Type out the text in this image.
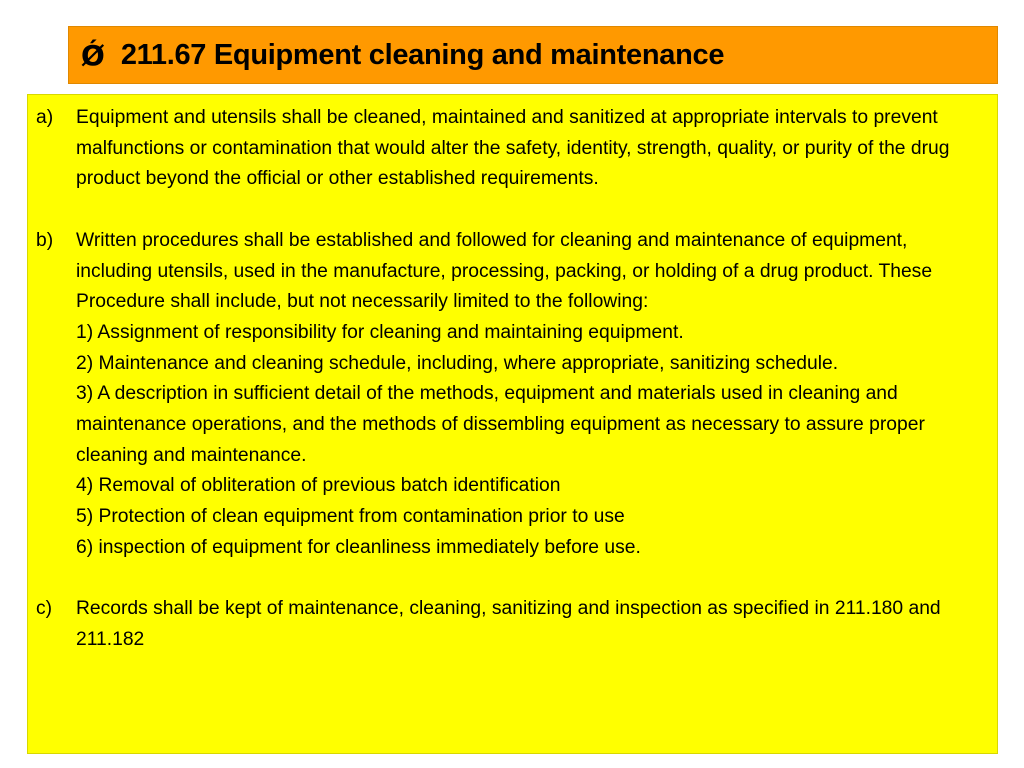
Ǿ 211.67 Equipment cleaning and maintenance
a)	Equipment and utensils shall be cleaned, maintained and sanitized at appropriate intervals to prevent malfunctions or contamination that would alter the safety, identity, strength, quality, or purity of the drug product beyond the official or other established requirements.
b)	Written procedures shall be established and followed for cleaning and maintenance of equipment, including utensils, used in the manufacture, processing, packing, or holding of a drug product. These Procedure shall include, but not necessarily limited to the following:
1) Assignment of responsibility for cleaning and maintaining equipment.
2) Maintenance and cleaning schedule, including, where appropriate, sanitizing schedule.
3) A description in sufficient detail of the methods, equipment and materials used in cleaning and maintenance operations, and the methods of dissembling equipment as necessary to assure proper cleaning and maintenance.
4) Removal of obliteration of previous batch identification
5) Protection of clean equipment from contamination prior to use
6) inspection of equipment for cleanliness immediately before use.
c)	Records shall be kept of maintenance, cleaning, sanitizing and inspection as specified in 211.180 and 211.182
